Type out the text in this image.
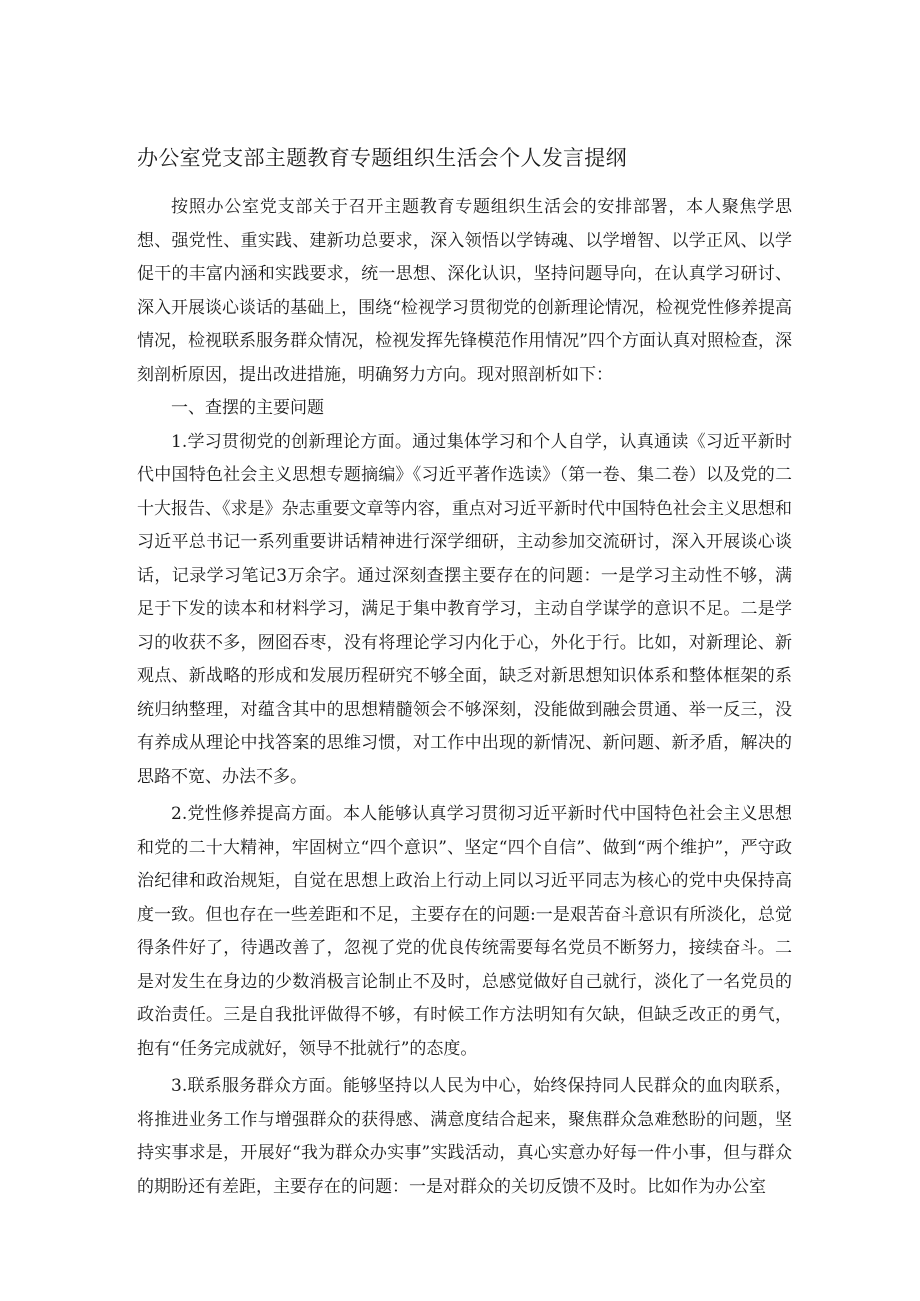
办公室党支部主题教育专题组织生活会个人发言提纲

按照办公室党支部关于召开主题教育专题组织生活会的安排部署，本人聚焦学思想、强党性、重实践、建新功总要求，深入领悟以学铸魂、以学增智、以学正风、以学促干的丰富内涵和实践要求，统一思想、深化认识，坚持问题导向，在认真学习研讨、深入开展谈心谈话的基础上，围绕“检视学习贯彻党的创新理论情况，检视党性修养提高情况，检视联系服务群众情况，检视发挥先锋模范作用情况”四个方面认真对照检查，深刻剖析原因，提出改进措施，明确努力方向。现对照剖析如下：

一、查摆的主要问题

1.学习贯彻党的创新理论方面。通过集体学习和个人自学，认真通读《习近平新时代中国特色社会主义思想专题摘编》《习近平著作选读》（第一卷、集二卷）以及党的二十大报告、《求是》杂志重要文章等内容，重点对习近平新时代中国特色社会主义思想和习近平总书记一系列重要讲话精神进行深学细研，主动参加交流研讨，深入开展谈心谈话，记录学习笔记3万余字。通过深刻查摆主要存在的问题：一是学习主动性不够，满足于下发的读本和材料学习，满足于集中教育学习，主动自学谋学的意识不足。二是学习的收获不多，囫囵吞枣，没有将理论学习内化于心，外化于行。比如，对新理论、新观点、新战略的形成和发展历程研究不够全面，缺乏对新思想知识体系和整体框架的系统归纳整理，对蕴含其中的思想精髓领会不够深刻，没能做到融会贯通、举一反三，没有养成从理论中找答案的思维习惯，对工作中出现的新情况、新问题、新矛盾，解决的思路不宽、办法不多。

2.党性修养提高方面。本人能够认真学习贯彻习近平新时代中国特色社会主义思想和党的二十大精神，牢固树立“四个意识”、坚定“四个自信”、做到“两个维护”，严守政治纪律和政治规矩，自觉在思想上政治上行动上同以习近平同志为核心的党中央保持高度一致。但也存在一些差距和不足，主要存在的问题:一是艰苦奋斗意识有所淡化，总觉得条件好了，待遇改善了，忽视了党的优良传统需要每名党员不断努力，接续奋斗。二是对发生在身边的少数消极言论制止不及时，总感觉做好自己就行，淡化了一名党员的政治责任。三是自我批评做得不够，有时候工作方法明知有欠缺，但缺乏改正的勇气，抱有“任务完成就好，领导不批就行”的态度。

3.联系服务群众方面。能够坚持以人民为中心，始终保持同人民群众的血肉联系，将推进业务工作与增强群众的获得感、满意度结合起来，聚焦群众急难愁盼的问题，坚持实事求是，开展好“我为群众办实事”实践活动，真心实意办好每一件小事，但与群众的期盼还有差距，主要存在的问题：一是对群众的关切反馈不及时。比如作为办公室
